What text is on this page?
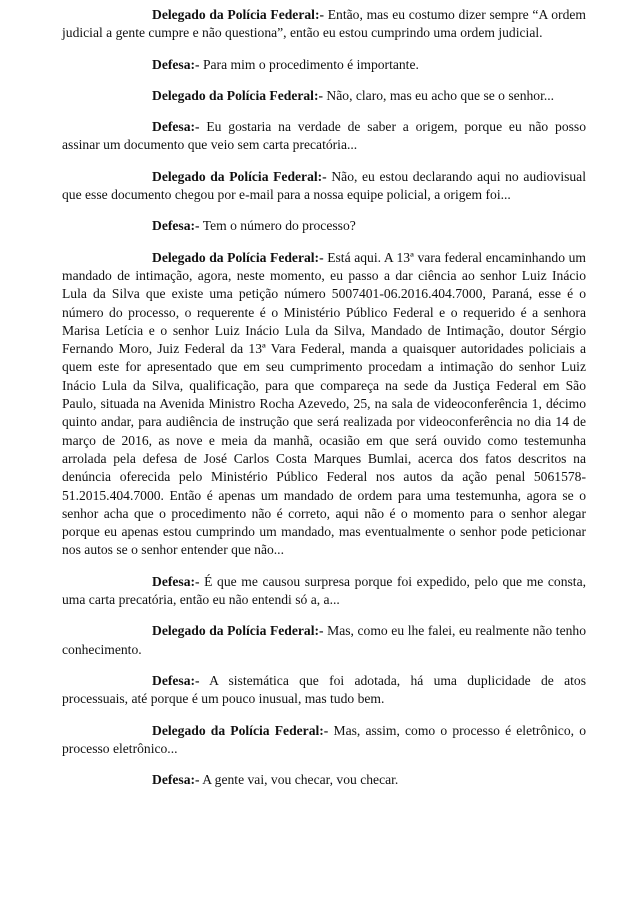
Delegado da Polícia Federal:- Então, mas eu costumo dizer sempre “A ordem judicial a gente cumpre e não questiona”, então eu estou cumprindo uma ordem judicial.

Defesa:- Para mim o procedimento é importante.

Delegado da Polícia Federal:- Não, claro, mas eu acho que se o senhor...

Defesa:- Eu gostaria na verdade de saber a origem, porque eu não posso assinar um documento que veio sem carta precatória...

Delegado da Polícia Federal:- Não, eu estou declarando aqui no audiovisual que esse documento chegou por e-mail para a nossa equipe policial, a origem foi...

Defesa:- Tem o número do processo?

Delegado da Polícia Federal:- Está aqui. A 13ª vara federal encaminhando um mandado de intimação, agora, neste momento, eu passo a dar ciência ao senhor Luiz Inácio Lula da Silva que existe uma petição número 5007401-06.2016.404.7000, Paraná, esse é o número do processo, o requerente é o Ministério Público Federal e o requerido é a senhora Marisa Letícia e o senhor Luiz Inácio Lula da Silva, Mandado de Intimação, doutor Sérgio Fernando Moro, Juiz Federal da 13ª Vara Federal, manda a quaisquer autoridades policiais a quem este for apresentado que em seu cumprimento procedam a intimação do senhor Luiz Inácio Lula da Silva, qualificação, para que compareça na sede da Justiça Federal em São Paulo, situada na Avenida Ministro Rocha Azevedo, 25, na sala de videoconferência 1, décimo quinto andar, para audiência de instrução que será realizada por videoconferência no dia 14 de março de 2016, as nove e meia da manhã, ocasião em que será ouvido como testemunha arrolada pela defesa de José Carlos Costa Marques Bumlai, acerca dos fatos descritos na denúncia oferecida pelo Ministério Público Federal nos autos da ação penal 5061578-51.2015.404.7000. Então é apenas um mandado de ordem para uma testemunha, agora se o senhor acha que o procedimento não é correto, aqui não é o momento para o senhor alegar porque eu apenas estou cumprindo um mandado, mas eventualmente o senhor pode peticionar nos autos se o senhor entender que não...

Defesa:- É que me causou surpresa porque foi expedido, pelo que me consta, uma carta precatória, então eu não entendi só a, a...

Delegado da Polícia Federal:- Mas, como eu lhe falei, eu realmente não tenho conhecimento.

Defesa:- A sistemática que foi adotada, há uma duplicidade de atos processuais, até porque é um pouco inusual, mas tudo bem.

Delegado da Polícia Federal:- Mas, assim, como o processo é eletrônico, o processo eletrônico...

Defesa:- A gente vai, vou checar, vou checar.
